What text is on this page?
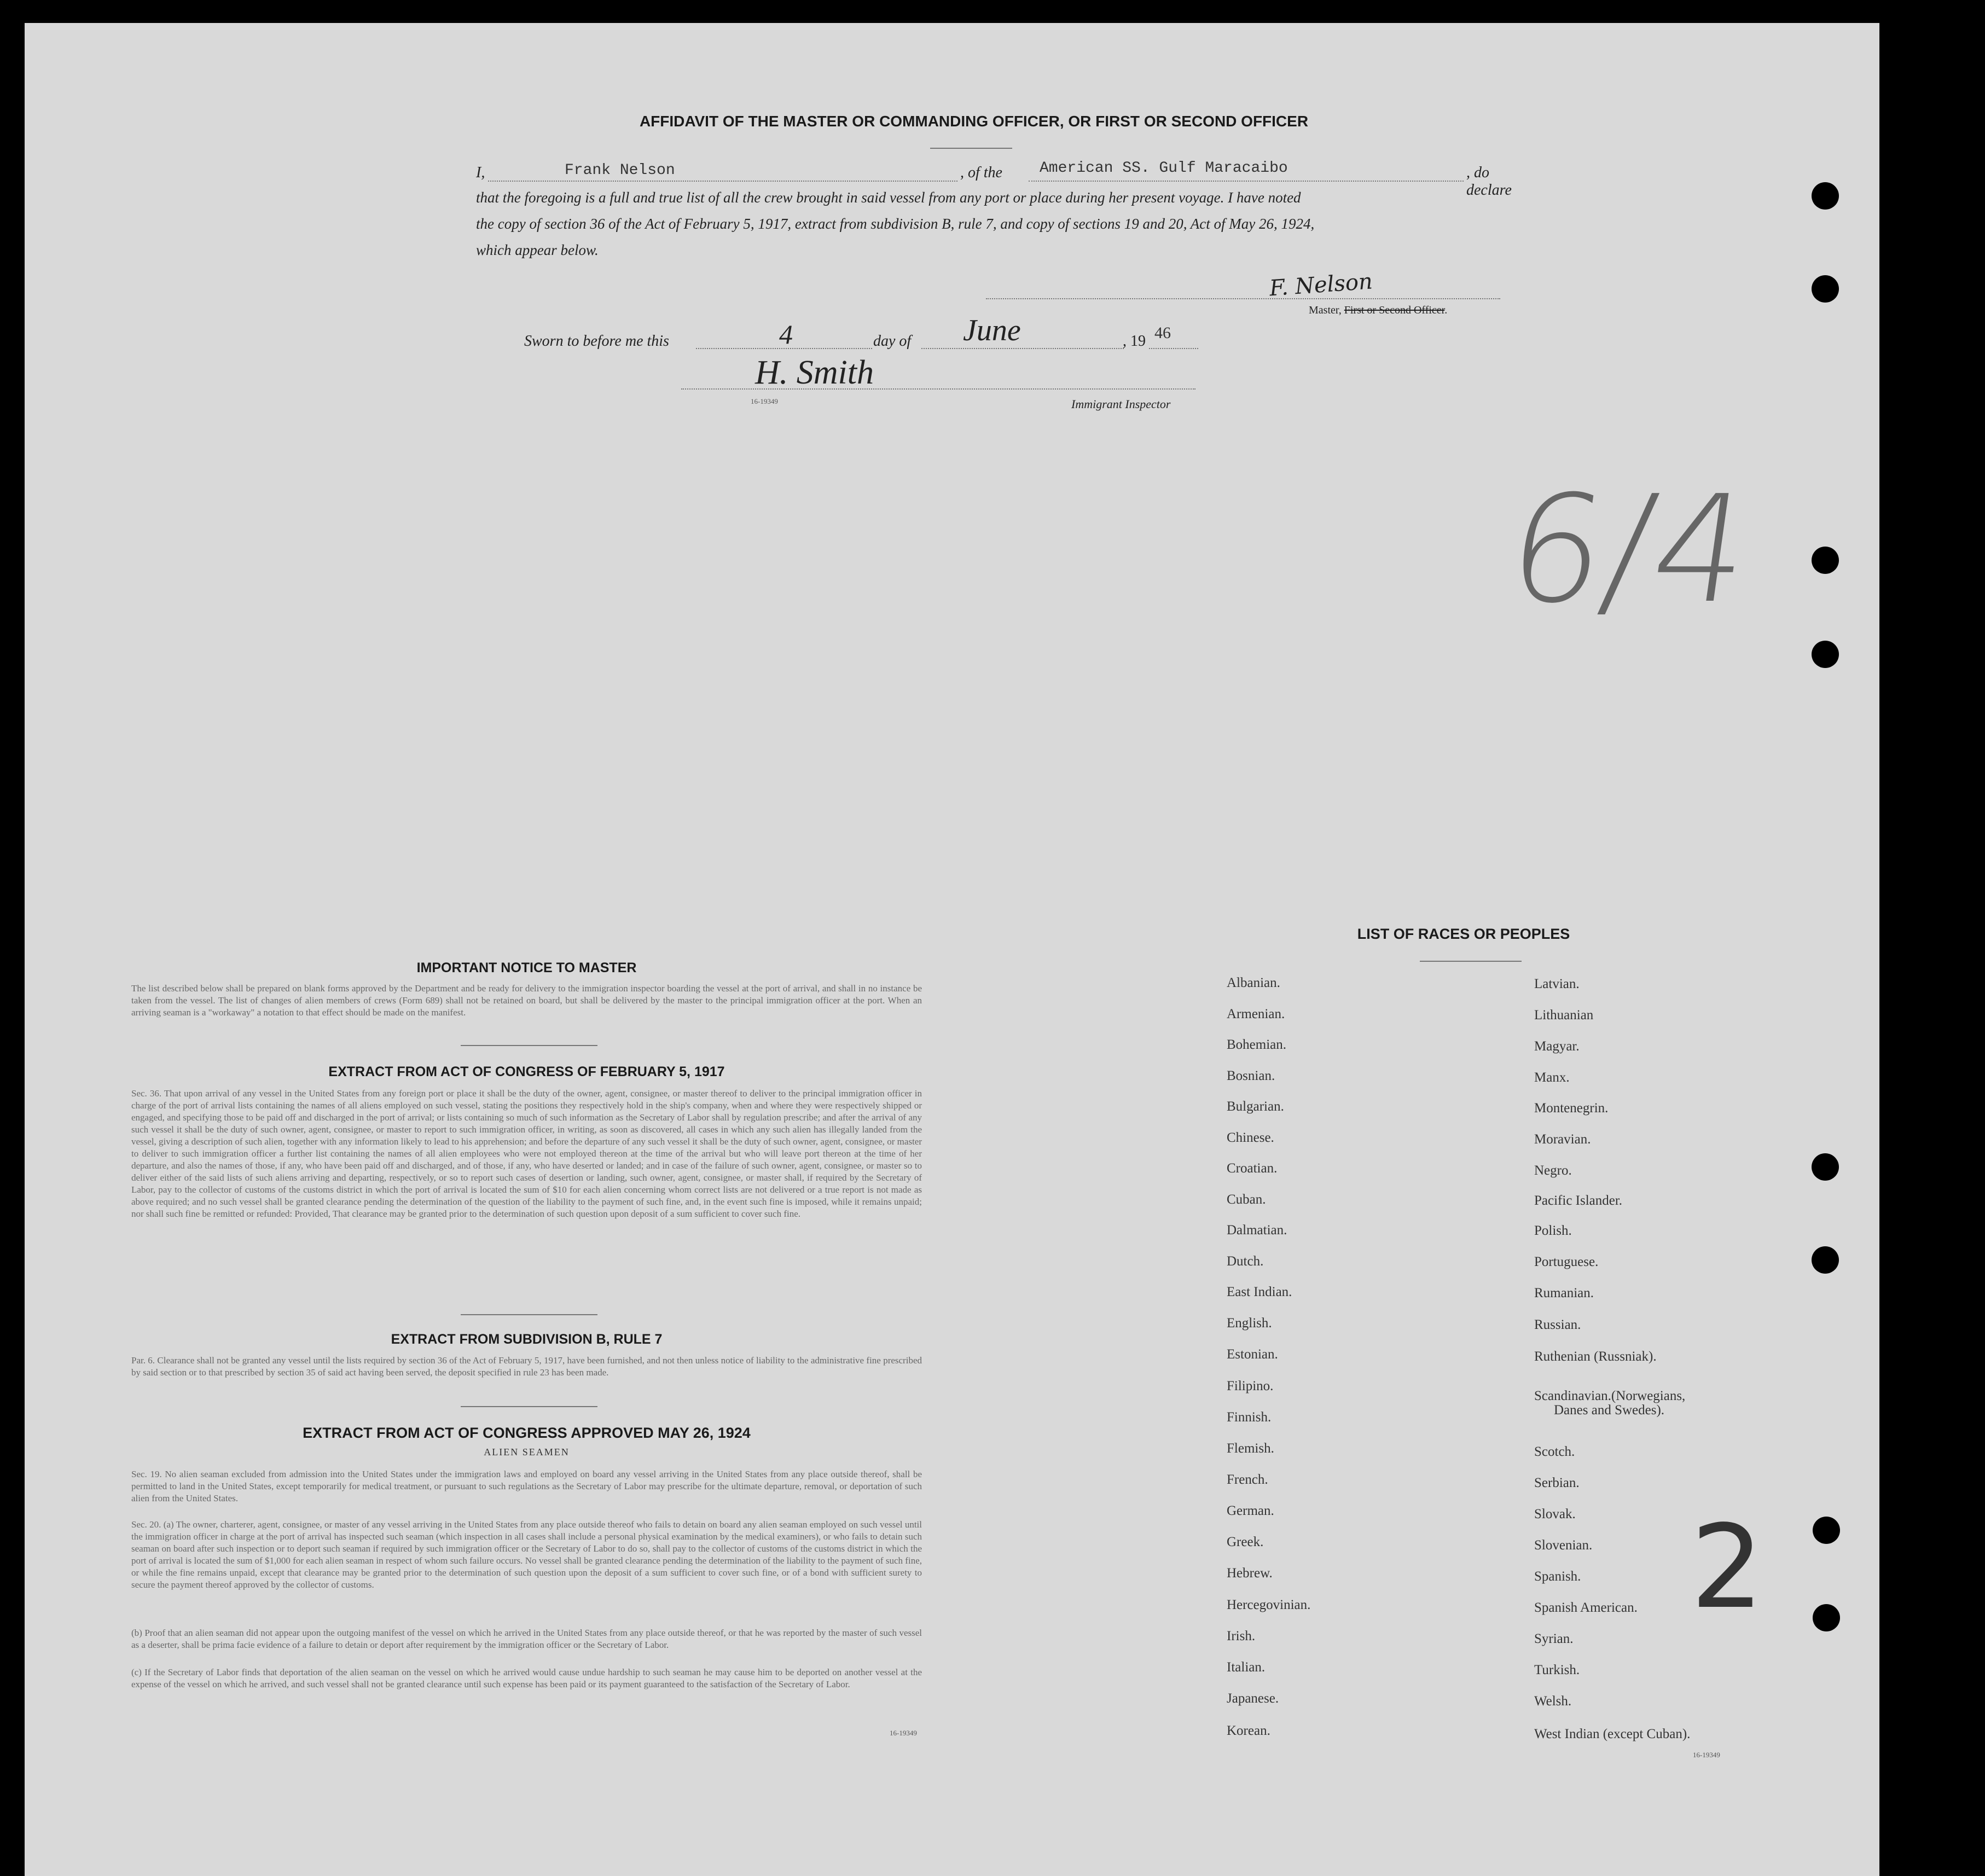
AFFIDAVIT OF THE MASTER OR COMMANDING OFFICER, OR FIRST OR SECOND OFFICER
I,	Frank Nelson	, of the American SS. Gulf Maracaibo	, do declare
that the foregoing is a full and true list of all the crew brought in said vessel from any port or place during her present voyage. I have noted
the copy of section 36 of the Act of February 5, 1917, extract from subdivision B, rule 7, and copy of sections 19 and 20, Act of May 26, 1924,
which appear below.
F. Nelson
Master, First or Second Officer.
Sworn to before me this	4	day of June	, 19 46
H. Smith
16-19349	Immigrant Inspector
6/4
2
IMPORTANT NOTICE TO MASTER
The list described below shall be prepared on blank forms approved by the Department and be ready for delivery to the immigration inspector boarding the vessel at the port of arrival, and shall in no instance be taken from the vessel. The list of changes of alien members of crews (Form 689) shall not be retained on board, but shall be delivered by the master to the principal immigration officer at the port. When an arriving seaman is a "workaway" a notation to that effect should be made on the manifest.
EXTRACT FROM ACT OF CONGRESS OF FEBRUARY 5, 1917
Sec. 36. That upon arrival of any vessel in the United States from any foreign port or place it shall be the duty of the owner, agent, consignee, or master thereof to deliver to the principal immigration officer in charge of the port of arrival lists containing the names of all aliens employed on such vessel, stating the positions they respectively hold in the ship's company, when and where they were respectively shipped or engaged, and specifying those to be paid off and discharged in the port of arrival; or lists containing so much of such information as the Secretary of Labor shall by regulation prescribe; and after the arrival of any such vessel it shall be the duty of such owner, agent, consignee, or master to report to such immigration officer, in writing, as soon as discovered, all cases in which any such alien has illegally landed from the vessel, giving a description of such alien, together with any information likely to lead to his apprehension; and before the departure of any such vessel it shall be the duty of such owner, agent, consignee, or master to deliver to such immigration officer a further list containing the names of all alien employees who were not employed thereon at the time of the arrival but who will leave port thereon at the time of her departure, and also the names of those, if any, who have been paid off and discharged, and of those, if any, who have deserted or landed; and in case of the failure of such owner, agent, consignee, or master so to deliver either of the said lists of such aliens arriving and departing, respectively, or so to report such cases of desertion or landing, such owner, agent, consignee, or master shall, if required by the Secretary of Labor, pay to the collector of customs of the customs district in which the port of arrival is located the sum of $10 for each alien concerning whom correct lists are not delivered or a true report is not made as above required; and no such vessel shall be granted clearance pending the determination of the question of the liability to the payment of such fine, and, in the event such fine is imposed, while it remains unpaid; nor shall such fine be remitted or refunded: Provided, That clearance may be granted prior to the determination of such question upon deposit of a sum sufficient to cover such fine.
EXTRACT FROM SUBDIVISION B, RULE 7
Par. 6. Clearance shall not be granted any vessel until the lists required by section 36 of the Act of February 5, 1917, have been furnished, and not then unless notice of liability to the administrative fine prescribed by said section or to that prescribed by section 35 of said act having been served, the deposit specified in rule 23 has been made.
EXTRACT FROM ACT OF CONGRESS APPROVED MAY 26, 1924
ALIEN SEAMEN
Sec. 19. No alien seaman excluded from admission into the United States under the immigration laws and employed on board any vessel arriving in the United States from any place outside thereof, shall be permitted to land in the United States, except temporarily for medical treatment, or pursuant to such regulations as the Secretary of Labor may prescribe for the ultimate departure, removal, or deportation of such alien from the United States.
Sec. 20. (a) The owner, charterer, agent, consignee, or master of any vessel arriving in the United States from any place outside thereof who fails to detain on board any alien seaman employed on such vessel until the immigration officer in charge at the port of arrival has inspected such seaman (which inspection in all cases shall include a personal physical examination by the medical examiners), or who fails to detain such seaman on board after such inspection or to deport such seaman if required by such immigration officer or the Secretary of Labor to do so, shall pay to the collector of customs of the customs district in which the port of arrival is located the sum of $1,000 for each alien seaman in respect of whom such failure occurs. No vessel shall be granted clearance pending the determination of the liability to the payment of such fine, or while the fine remains unpaid, except that clearance may be granted prior to the determination of such question upon the deposit of a sum sufficient to cover such fine, or of a bond with sufficient surety to secure the payment thereof approved by the collector of customs.
(b) Proof that an alien seaman did not appear upon the outgoing manifest of the vessel on which he arrived in the United States from any place outside thereof, or that he was reported by the master of such vessel as a deserter, shall be prima facie evidence of a failure to detain or deport after requirement by the immigration officer or the Secretary of Labor.
(c) If the Secretary of Labor finds that deportation of the alien seaman on the vessel on which he arrived would cause undue hardship to such seaman he may cause him to be deported on another vessel at the expense of the vessel on which he arrived, and such vessel shall not be granted clearance until such expense has been paid or its payment guaranteed to the satisfaction of the Secretary of Labor.
16-19349
LIST OF RACES OR PEOPLES
Albanian.
Armenian.
Bohemian.
Bosnian.
Bulgarian.
Chinese.
Croatian.
Cuban.
Dalmatian.
Dutch.
East Indian.
English.
Estonian.
Filipino.
Finnish.
Flemish.
French.
German.
Greek.
Hebrew.
Hercegovinian.
Irish.
Italian.
Japanese.
Korean.
Latvian.
Lithuanian
Magyar.
Manx.
Montenegrin.
Moravian.
Negro.
Pacific Islander.
Polish.
Portuguese.
Rumanian.
Russian.
Ruthenian (Russniak).
Scandinavian.(Norwegians,
Danes and Swedes).
Scotch.
Serbian.
Slovak.
Slovenian.
Spanish.
Spanish American.
Syrian.
Turkish.
Welsh.
West Indian (except Cuban).
16-19349
